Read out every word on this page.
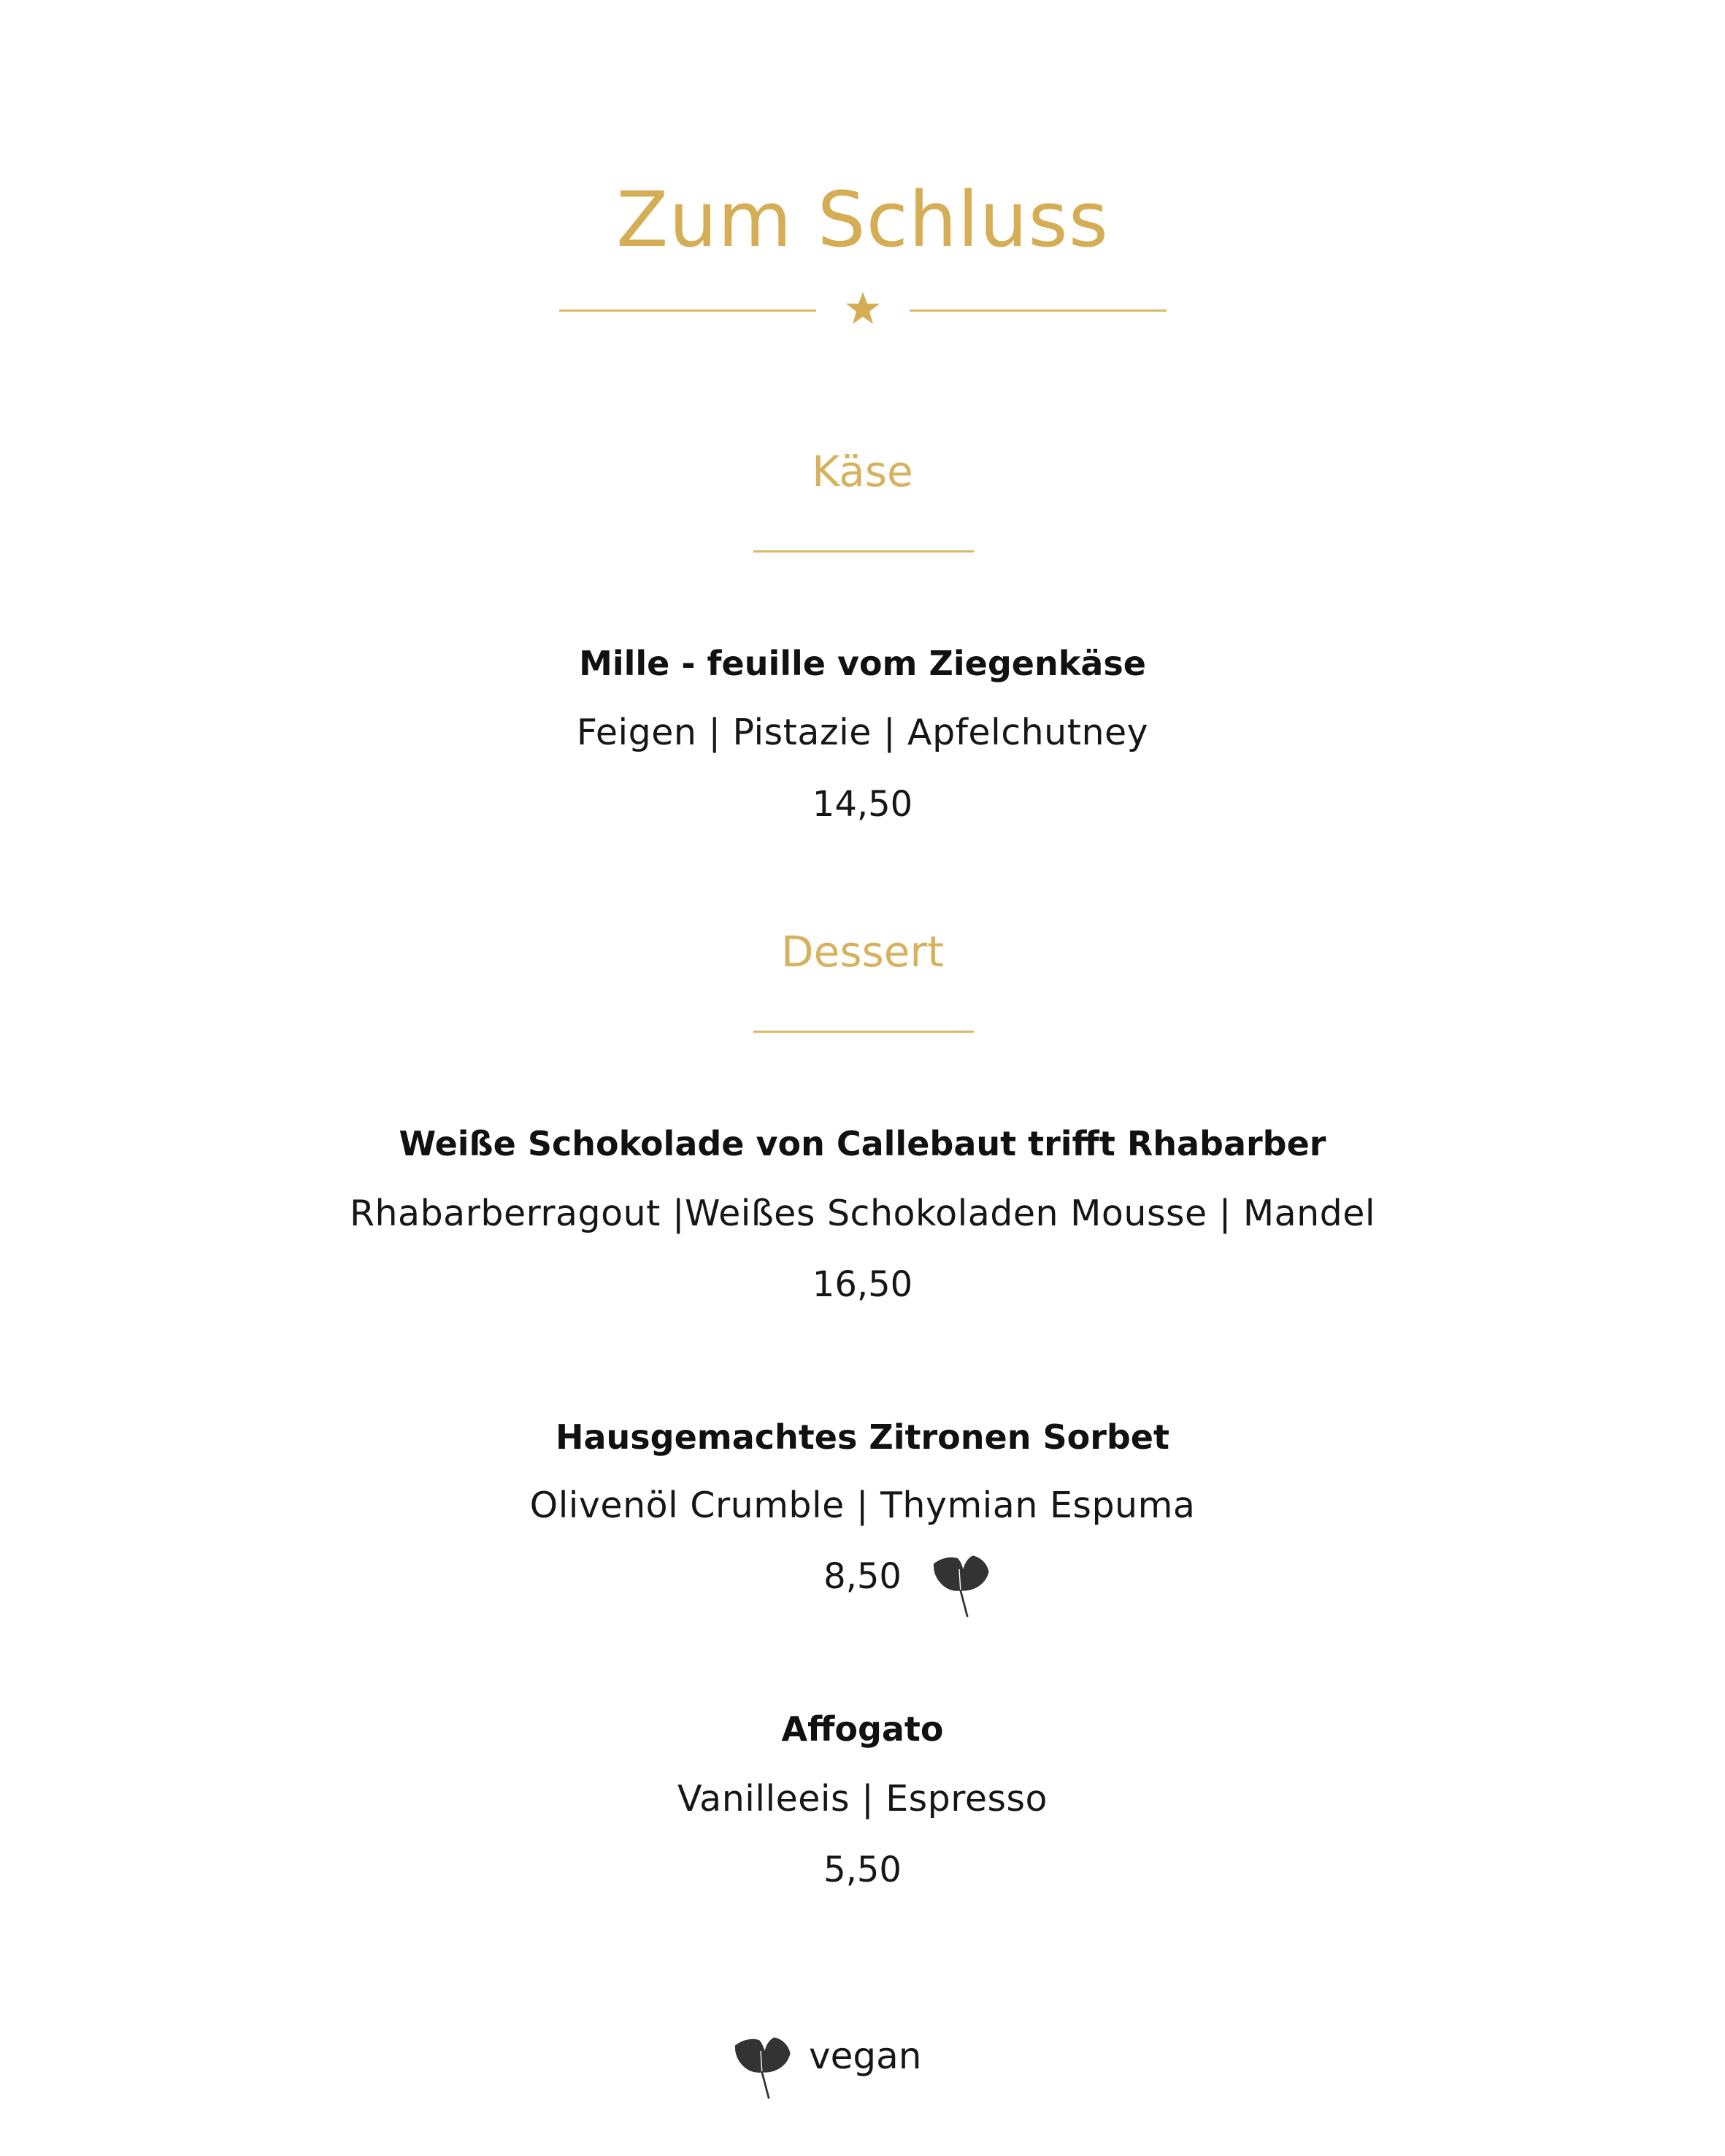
Zum Schluss
Käse
Mille - feuille vom Ziegenkäse
Feigen | Pistazie | Apfelchutney
14,50
Dessert
Weiße Schokolade von Callebaut trifft Rhabarber
Rhabarberragout |Weißes Schokoladen Mousse | Mandel
16,50
Hausgemachtes Zitronen Sorbet
Olivenöl Crumble | Thymian Espuma
8,50
Affogato
Vanilleeis | Espresso
5,50
vegan
